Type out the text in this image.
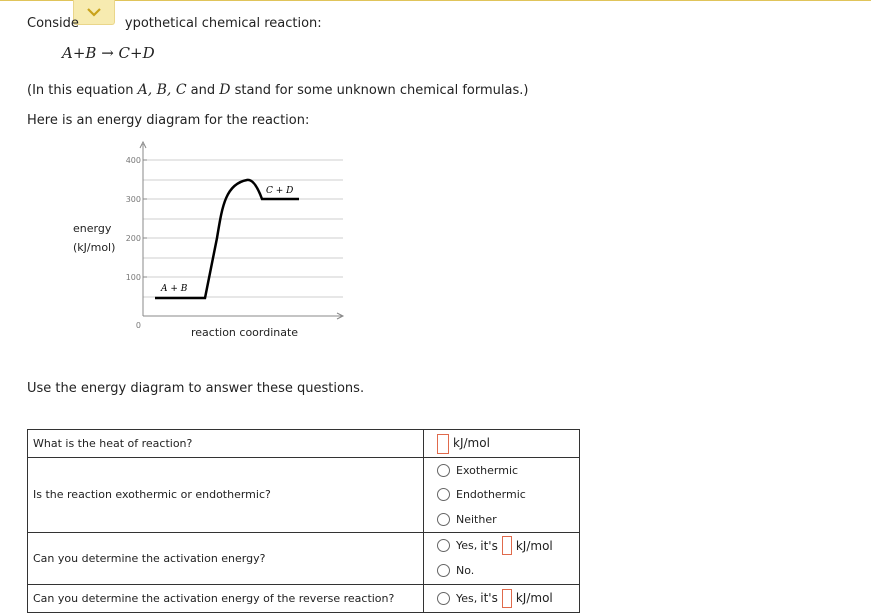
Conside	ypothetical chemical reaction:
A+B → C+D
(In this equation A, B, C and D stand for some unknown chemical formulas.)
Here is an energy diagram for the reaction:
energy
(kJ/mol)
400
300
200
100
0
A + B
C + D
reaction coordinate
Use the energy diagram to answer these questions.
What is the heat of reaction?	kJ/mol
Is the reaction exothermic or endothermic?	Exothermic
Endothermic
Neither

Can you determine the activation energy?	Yes, it's kJ/mol
No.

Can you determine the activation energy of the reverse reaction?	Yes, it's kJ/mol
